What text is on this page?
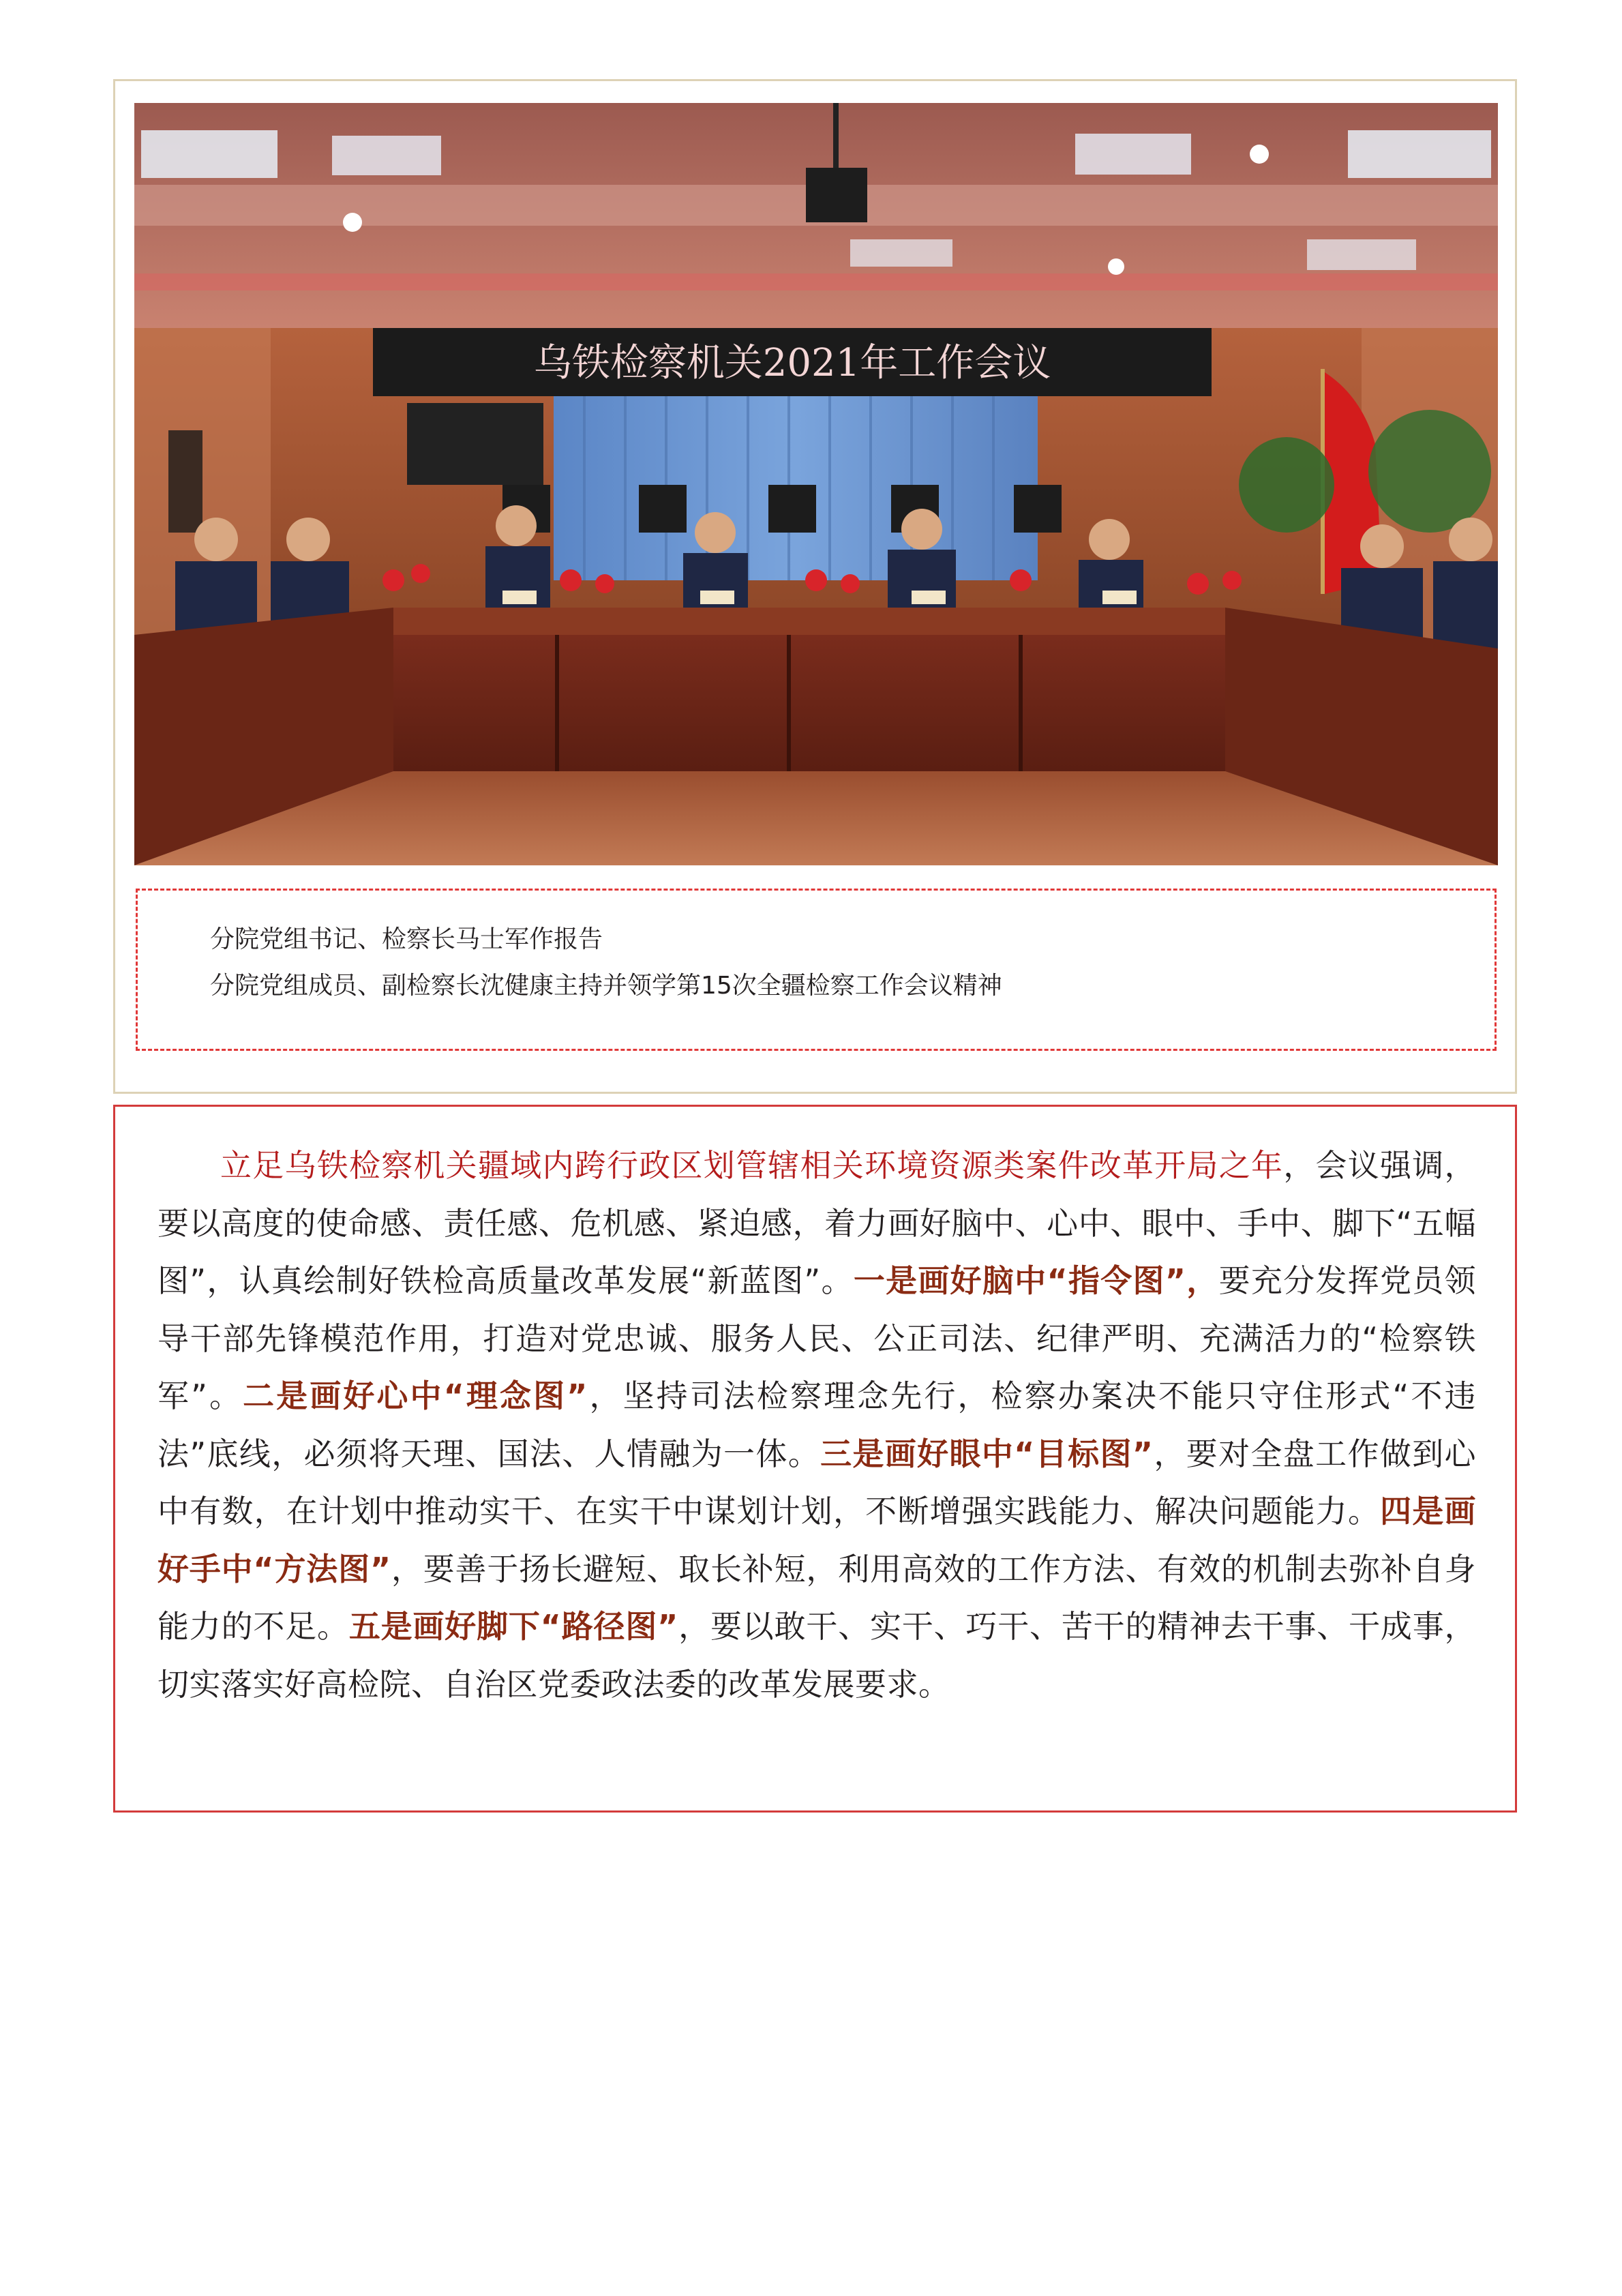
乌铁检察机关2021年工作会议
分院党组书记、检察长马士军作报告
分院党组成员、副检察长沈健康主持并领学第15次全疆检察工作会议精神

立足乌铁检察机关疆域内跨行政区划管辖相关环境资源类案件改革开局之年，会议强调，要以高度的使命感、责任感、危机感、紧迫感，着力画好脑中、心中、眼中、手中、脚下“五幅图”，认真绘制好铁检高质量改革发展“新蓝图”。一是画好脑中“指令图”，要充分发挥党员领导干部先锋模范作用，打造对党忠诚、服务人民、公正司法、纪律严明、充满活力的“检察铁军”。二是画好心中“理念图”，坚持司法检察理念先行，检察办案决不能只守住形式“不违法”底线，必须将天理、国法、人情融为一体。三是画好眼中“目标图”，要对全盘工作做到心中有数，在计划中推动实干、在实干中谋划计划，不断增强实践能力、解决问题能力。四是画好手中“方法图”，要善于扬长避短、取长补短，利用高效的工作方法、有效的机制去弥补自身能力的不足。五是画好脚下“路径图”，要以敢干、实干、巧干、苦干的精神去干事、干成事，切实落实好高检院、自治区党委政法委的改革发展要求。
